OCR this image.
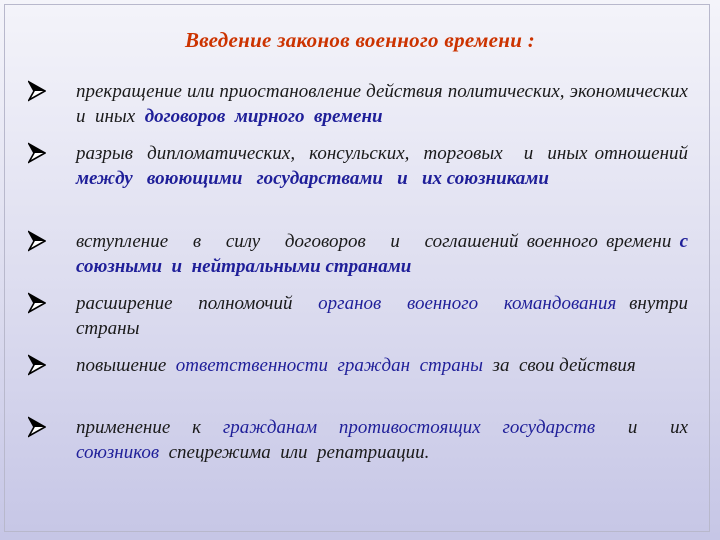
Введение законов военного времени :
прекращение или приостановление действия политических, экономических  и  иных  договоров  мирного  времени
разрыв  дипломатических,  консульских,  торговых   и  иных отношений  между   воюющими   государствами   и   их союзниками
вступление   в   силу   договоров   и   соглашений военного времени с союзными  и  нейтральными странами
расширение  полномочий  органов  военного  командования внутри  страны
повышение  ответственности  граждан  страны  за  свои действия
применение  к  гражданам  противостоящих  государств   и   их  союзников  спецрежима  или  репатриации.
